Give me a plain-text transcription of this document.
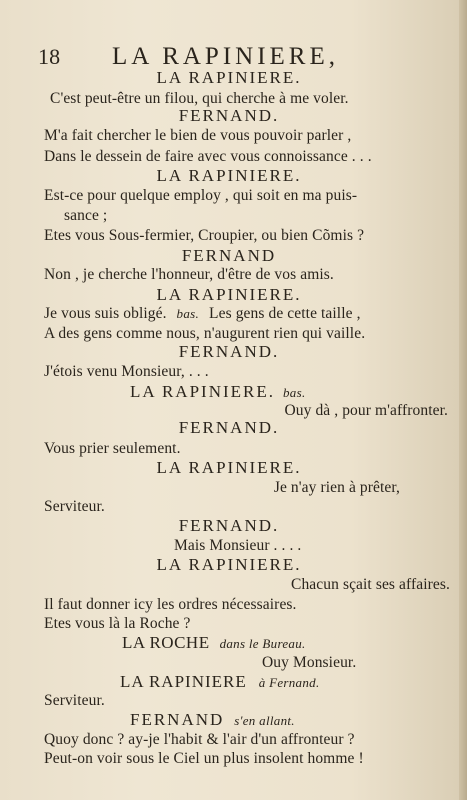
18 LA RAPINIERE,
LA RAPINIERE.
C'est peut-être un filou, qui cherche à me voler.
FERNAND.
M'a fait chercher le bien de vous pouvoir parler ,
Dans le dessein de faire avec vous connoissance . . .
LA RAPINIERE.
Est-ce pour quelque employ , qui soit en ma puis-
sance ;
Etes vous Sous-fermier, Croupier, ou bien Cõmis ?
FERNAND
Non , je cherche l'honneur, d'être de vos amis.
LA RAPINIERE.
Je vous suis obligé. bas. Les gens de cette taille ,
A des gens comme nous, n'augurent rien qui vaille.
FERNAND.
J'étois venu Monsieur, . . .
LA RAPINIERE. bas.
Ouy dà , pour m'affronter.
FERNAND.
Vous prier seulement.
LA RAPINIERE.
Je n'ay rien à prêter,
Serviteur.
FERNAND.
Mais Monsieur . . . .
LA RAPINIERE.
Chacun sçait ses affaires.
Il faut donner icy les ordres nécessaires.
Etes vous là la Roche ?
LA ROCHE dans le Bureau.
Ouy Monsieur.
LA RAPINIERE à Fernand.
Serviteur.
FERNAND s'en allant.
Quoy donc ? ay-je l'habit & l'air d'un affronteur ?
Peut-on voir sous le Ciel un plus insolent homme !
